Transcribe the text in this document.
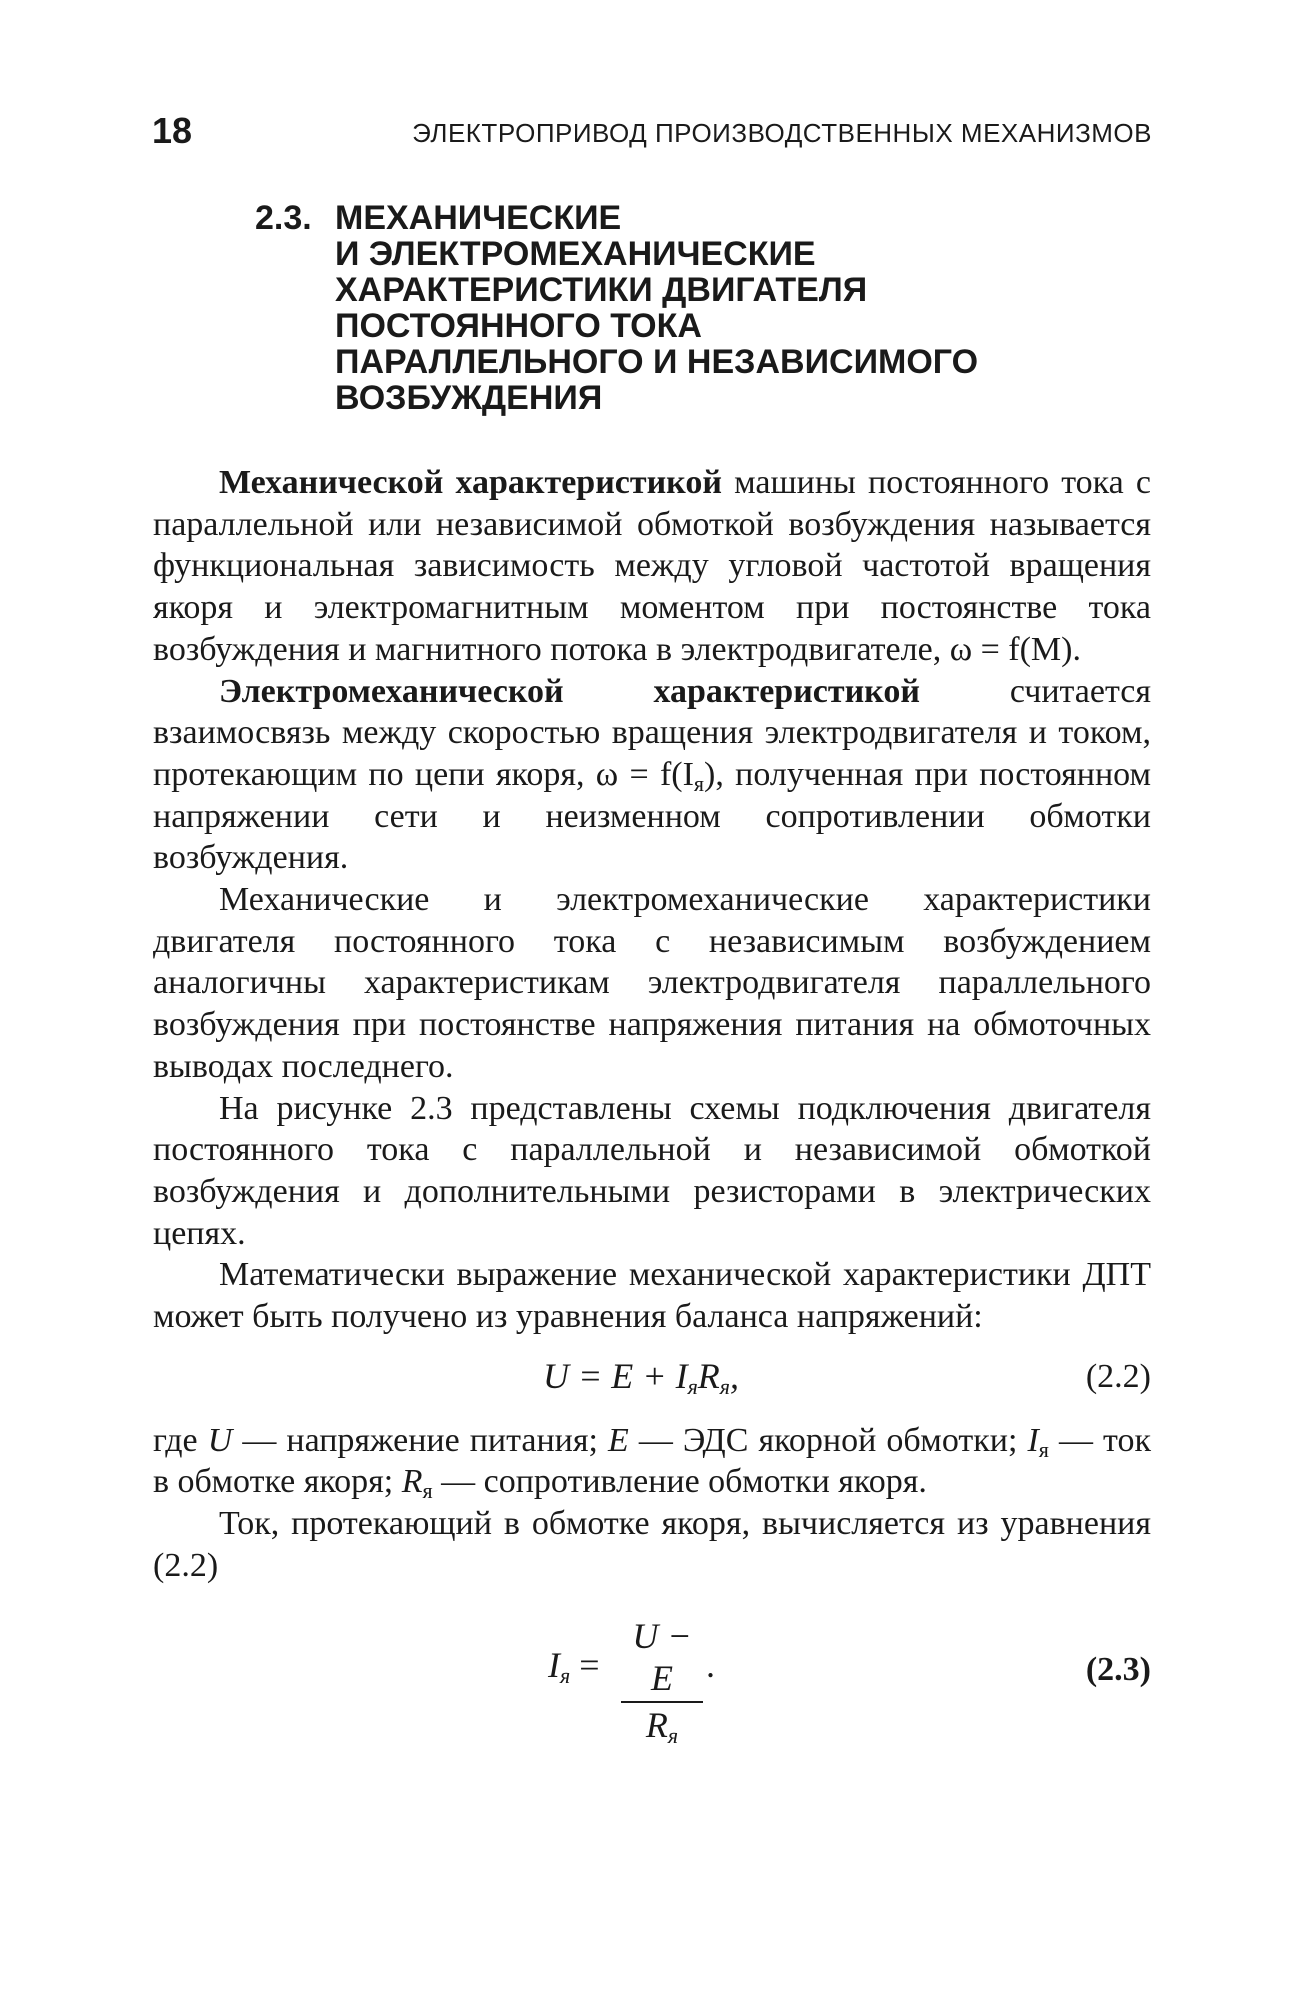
18	ЭЛЕКТРОПРИВОД ПРОИЗВОДСТВЕННЫХ МЕХАНИЗМОВ
2.3. МЕХАНИЧЕСКИЕ
И ЭЛЕКТРОМЕХАНИЧЕСКИЕ
ХАРАКТЕРИСТИКИ ДВИГАТЕЛЯ
ПОСТОЯННОГО ТОКА
ПАРАЛЛЕЛЬНОГО И НЕЗАВИСИМОГО
ВОЗБУЖДЕНИЯ

Механической характеристикой машины постоянного тока с параллельной или независимой обмоткой возбуждения называется функциональная зависимость между угловой частотой вращения якоря и электромагнитным моментом при постоянстве тока возбуждения и магнитного потока в электродвигателе, ω = f(M).

Электромеханической характеристикой считается взаимосвязь между скоростью вращения электродвигателя и током, протекающим по цепи якоря, $\omega = f(I_я)$, полученная при постоянном напряжении сети и неизменном сопротивлении обмотки возбуждения.

Механические и электромеханические характеристики двигателя постоянного тока с независимым возбуждением аналогичны характеристикам электродвигателя параллельного возбуждения при постоянстве напряжения питания на обмоточных выводах последнего.

На рисунке 2.3 представлены схемы подключения двигателя постоянного тока с параллельной и независимой обмоткой возбуждения и дополнительными резисторами в электрических цепях.

Математически выражение механической характеристики ДПТ может быть получено из уравнения баланса напряжений:

$U = E + I_яR_я$,	(2.2)

где U — напряжение питания; E — ЭДС якорной обмотки; $I_я$ — ток в обмотке якоря; $R_я$ — сопротивление обмотки якоря.

Ток, протекающий в обмотке якоря, вычисляется из уравнения (2.2)

$I_я$ =
U − E
$R_я$
.	(2.3)
